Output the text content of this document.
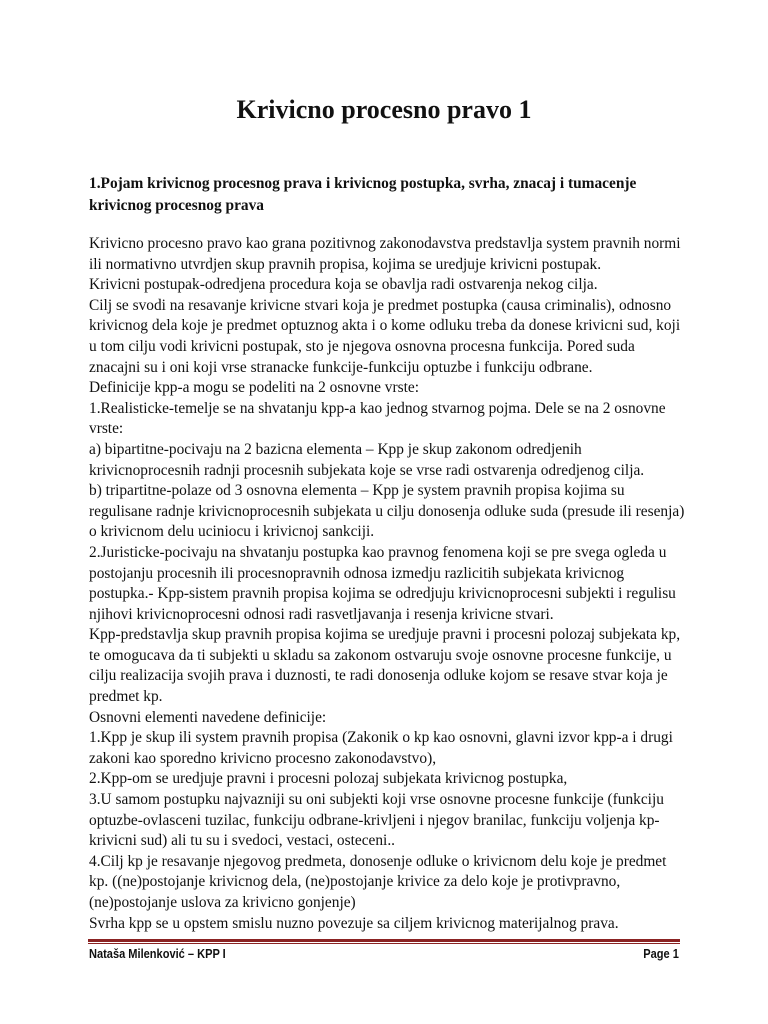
Krivicno procesno pravo 1
1.Pojam krivicnog procesnog prava i krivicnog postupka, svrha, znacaj i tumacenje
krivicnog procesnog prava
Krivicno procesno pravo kao grana pozitivnog zakonodavstva predstavlja system pravnih normi
ili normativno utvrdjen skup pravnih propisa, kojima se uredjuje krivicni postupak.
Krivicni postupak-odredjena procedura koja se obavlja radi ostvarenja nekog cilja.
Cilj se svodi na resavanje krivicne stvari koja je predmet postupka (causa criminalis), odnosno
krivicnog dela koje je predmet optuznog akta i o kome odluku treba da donese krivicni sud, koji
u tom cilju vodi krivicni postupak, sto je njegova osnovna procesna funkcija. Pored suda
znacajni su i oni koji vrse stranacke funkcije-funkciju optuzbe i funkciju odbrane.
Definicije kpp-a mogu se podeliti na 2 osnovne vrste:
1.Realisticke-temelje se na shvatanju kpp-a kao jednog stvarnog pojma. Dele se na 2 osnovne
vrste:
a) bipartitne-pocivaju na 2 bazicna elementa – Kpp je skup zakonom odredjenih
krivicnoprocesnih radnji procesnih subjekata koje se vrse radi ostvarenja odredjenog cilja.
b) tripartitne-polaze od 3 osnovna elementa – Kpp je system pravnih propisa kojima su
regulisane radnje krivicnoprocesnih subjekata u cilju donosenja odluke suda (presude ili resenja)
o krivicnom delu uciniocu i krivicnoj sankciji.
2.Juristicke-pocivaju na shvatanju postupka kao pravnog fenomena koji se pre svega ogleda u
postojanju procesnih ili procesnopravnih odnosa izmedju razlicitih subjekata krivicnog
postupka.- Kpp-sistem pravnih propisa kojima se odredjuju krivicnoprocesni subjekti i regulisu
njihovi krivicnoprocesni odnosi radi rasvetljavanja i resenja krivicne stvari.
Kpp-predstavlja skup pravnih propisa kojima se uredjuje pravni i procesni polozaj subjekata kp,
te omogucava da ti subjekti u skladu sa zakonom ostvaruju svoje osnovne procesne funkcije, u
cilju realizacija svojih prava i duznosti, te radi donosenja odluke kojom se resave stvar koja je
predmet kp.
Osnovni elementi navedene definicije:
1.Kpp je skup ili system pravnih propisa (Zakonik o kp kao osnovni, glavni izvor kpp-a i drugi
zakoni kao sporedno krivicno procesno zakonodavstvo),
2.Kpp-om se uredjuje pravni i procesni polozaj subjekata krivicnog postupka,
3.U samom postupku najvazniji su oni subjekti koji vrse osnovne procesne funkcije (funkciju
optuzbe-ovlasceni tuzilac, funkciju odbrane-krivljeni i njegov branilac, funkciju voljenja kp-
krivicni sud) ali tu su i svedoci, vestaci, osteceni..
4.Cilj kp je resavanje njegovog predmeta, donosenje odluke o krivicnom delu koje je predmet
kp. ((ne)postojanje krivicnog dela, (ne)postojanje krivice za delo koje je protivpravno,
(ne)postojanje uslova za krivicno gonjenje)
Svrha kpp se u opstem smislu nuzno povezuje sa ciljem krivicnog materijalnog prava.
Nataša Milenković – KPP I	Page 1
